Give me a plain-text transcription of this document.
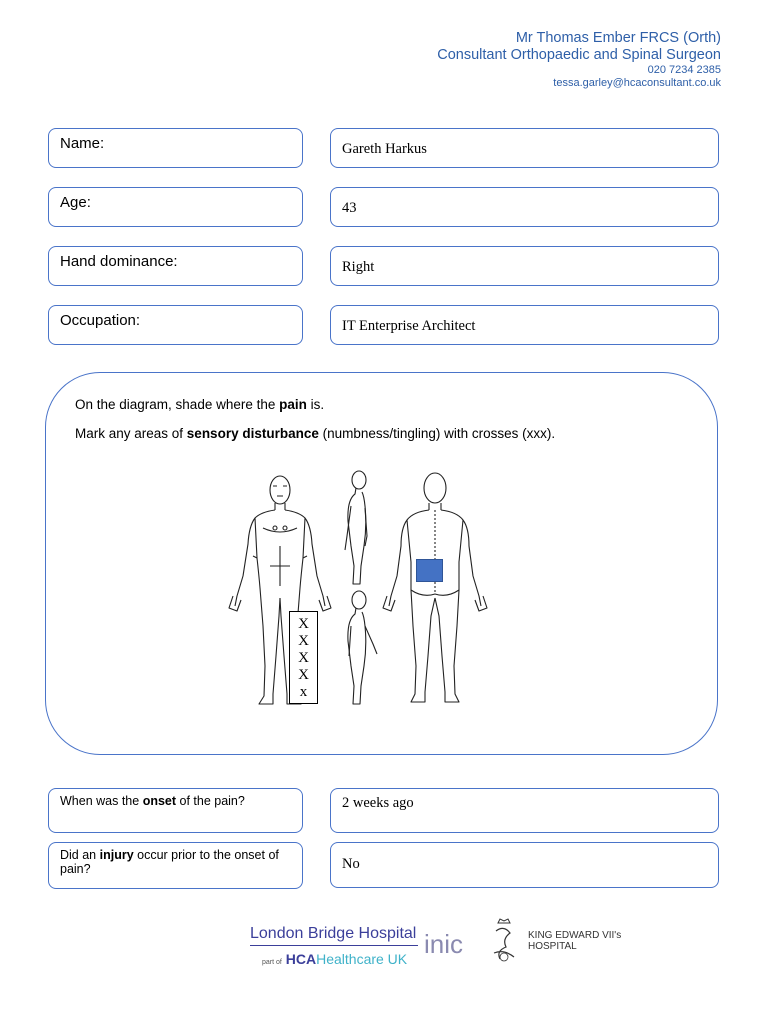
Mr Thomas Ember FRCS (Orth)
Consultant Orthopaedic and Spinal Surgeon
020 7234 2385
tessa.garley@hcaconsultant.co.uk
Name:	Gareth Harkus
Age:	43
Hand dominance:	Right
Occupation:	IT Enterprise Architect
On the diagram, shade where the pain is.
Mark any areas of sensory disturbance (numbness/tingling) with crosses (xxx).
X
X
X
X
x
When was the onset of the pain?	2 weeks ago
Did an injury occur prior to the onset of pain?	No
London Bridge Hospital inic
part of HCAHealthcare UK
KING EDWARD VII's
HOSPITAL
